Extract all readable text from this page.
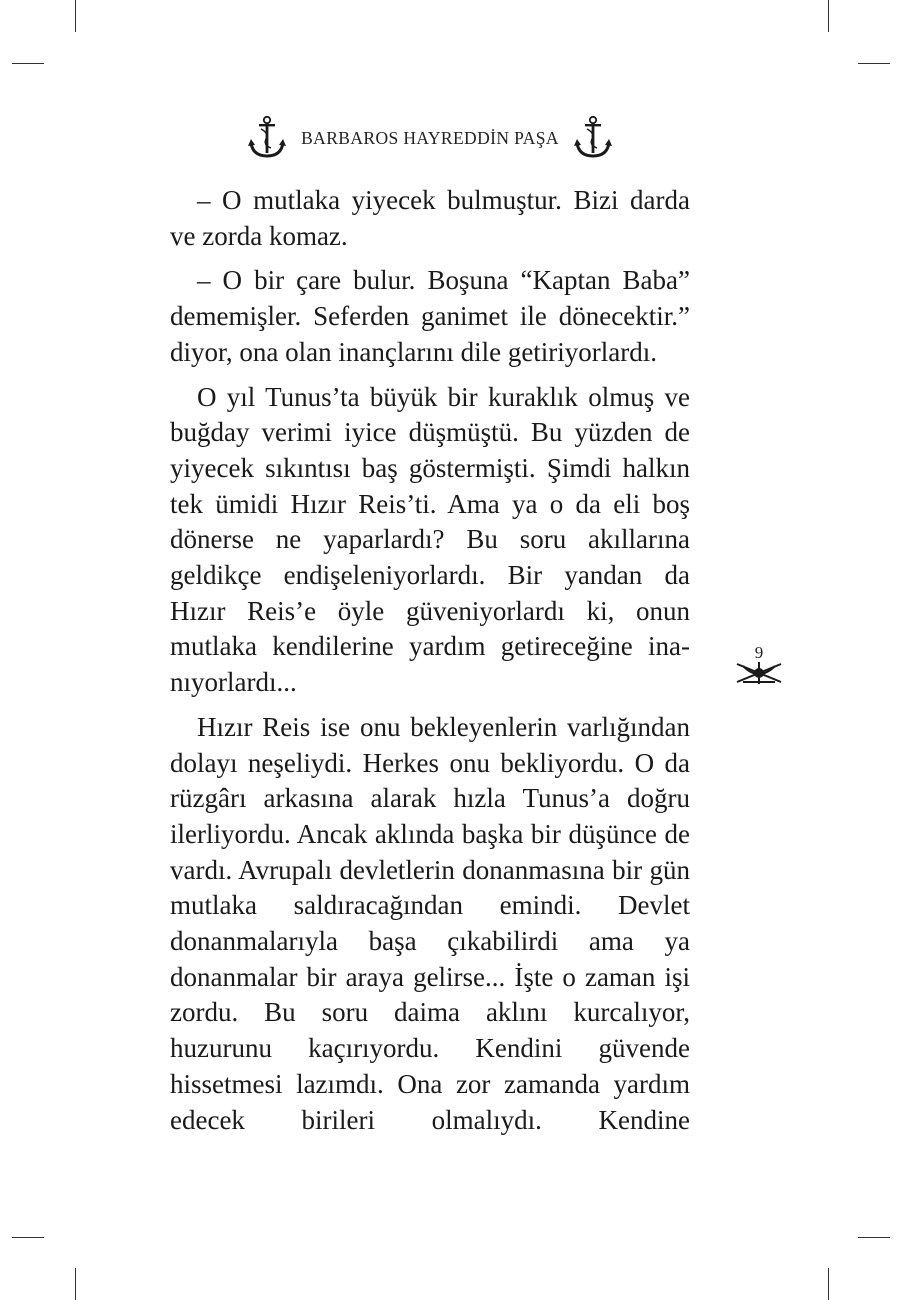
BARBAROS HAYREDDİN PAŞA

– O mutlaka yiyecek bulmuştur. Bizi darda ve zorda komaz.

– O bir çare bulur. Boşuna “Kaptan Baba” dememişler. Seferden ganimet ile dönecektir.” diyor, ona olan inançlarını dile getiriyorlardı.

O yıl Tunus’ta büyük bir kuraklık olmuş ve buğday verimi iyice düşmüştü. Bu yüzden de yiyecek sıkıntısı baş göstermişti. Şimdi halkın tek ümidi Hızır Reis’ti. Ama ya o da eli boş dönerse ne yaparlardı? Bu soru akıllarına geldikçe endişeleniyorlardı. Bir yandan da Hızır Reis’e öyle güveniyorlardı ki, onun mutlaka kendilerine yardım getireceğine inanıyorlardı...

Hızır Reis ise onu bekleyenlerin varlığından dolayı neşeliydi. Herkes onu bekliyordu. O da rüzgârı arkasına alarak hızla Tunus’a doğru ilerliyordu. Ancak aklında başka bir düşünce de vardı. Avrupalı devletlerin donanmasına bir gün mutlaka saldıracağından emindi. Devlet donanmalarıyla başa çıkabilirdi ama ya donanmalar bir araya gelirse... İşte o zaman işi zordu. Bu soru daima aklını kurcalıyor, huzurunu kaçırıyordu. Kendini güvende hissetmesi lazımdı. Ona zor zamanda yardım edecek birileri olmalıydı. Kendine

9
